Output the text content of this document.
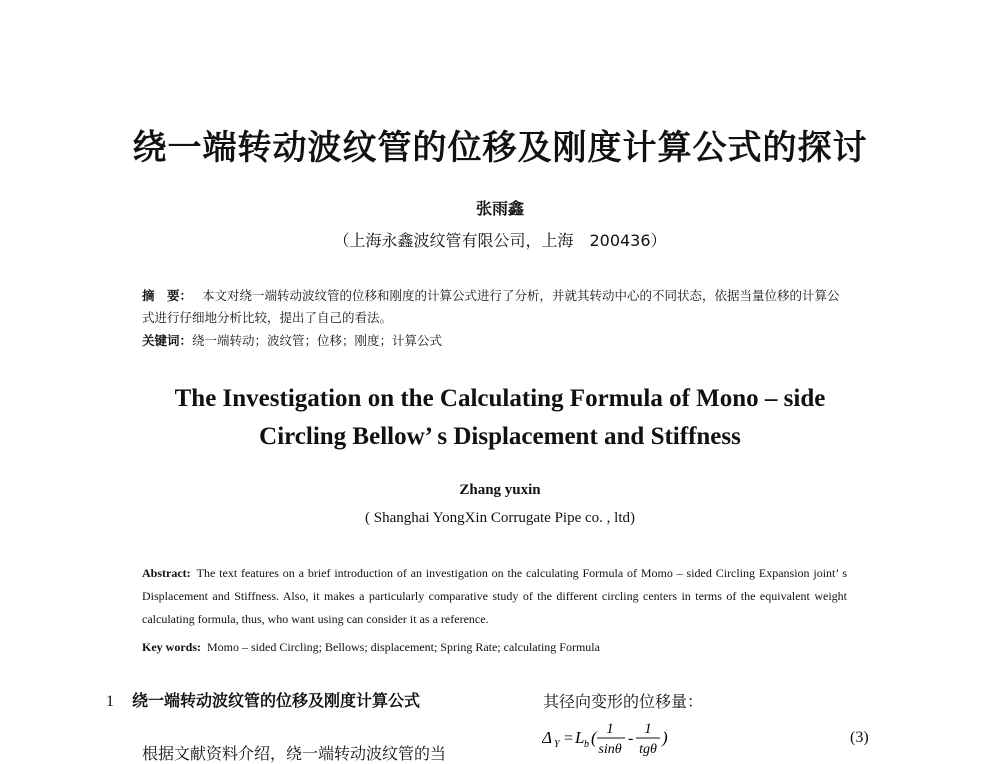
绕一端转动波纹管的位移及刚度计算公式的探讨
张雨鑫
（上海永鑫波纹管有限公司，上海　200436）
摘　要： 本文对绕一端转动波纹管的位移和刚度的计算公式进行了分析，并就其转动中心的不同状态，依据当量位移的计算公式进行仔细地分析比较，提出了自己的看法。
关键词：绕一端转动；波纹管；位移；刚度；计算公式
The Investigation on the Calculating Formula of Mono – side
Circling Bellow’ s Displacement and Stiffness
Zhang yuxin
( Shanghai YongXin Corrugate Pipe co. , ltd)
Abstract: The text features on a brief introduction of an investigation on the calculating Formula of Momo – sided Circling Expansion joint’ s Displacement and Stiffness. Also, it makes a particularly comparative study of the different circling centers in terms of the equivalent weight calculating formula, thus, who want using can consider it as a reference.
Key words: Momo – sided Circling; Bellows; displacement; Spring Rate; calculating Formula
1 绕一端转动波纹管的位移及刚度计算公式
根据文献资料介绍，绕一端转动波纹管的当
其径向变形的位移量：
Δ Y = L b ( 1
sinθ
-
1
tgθ
)	(3)
